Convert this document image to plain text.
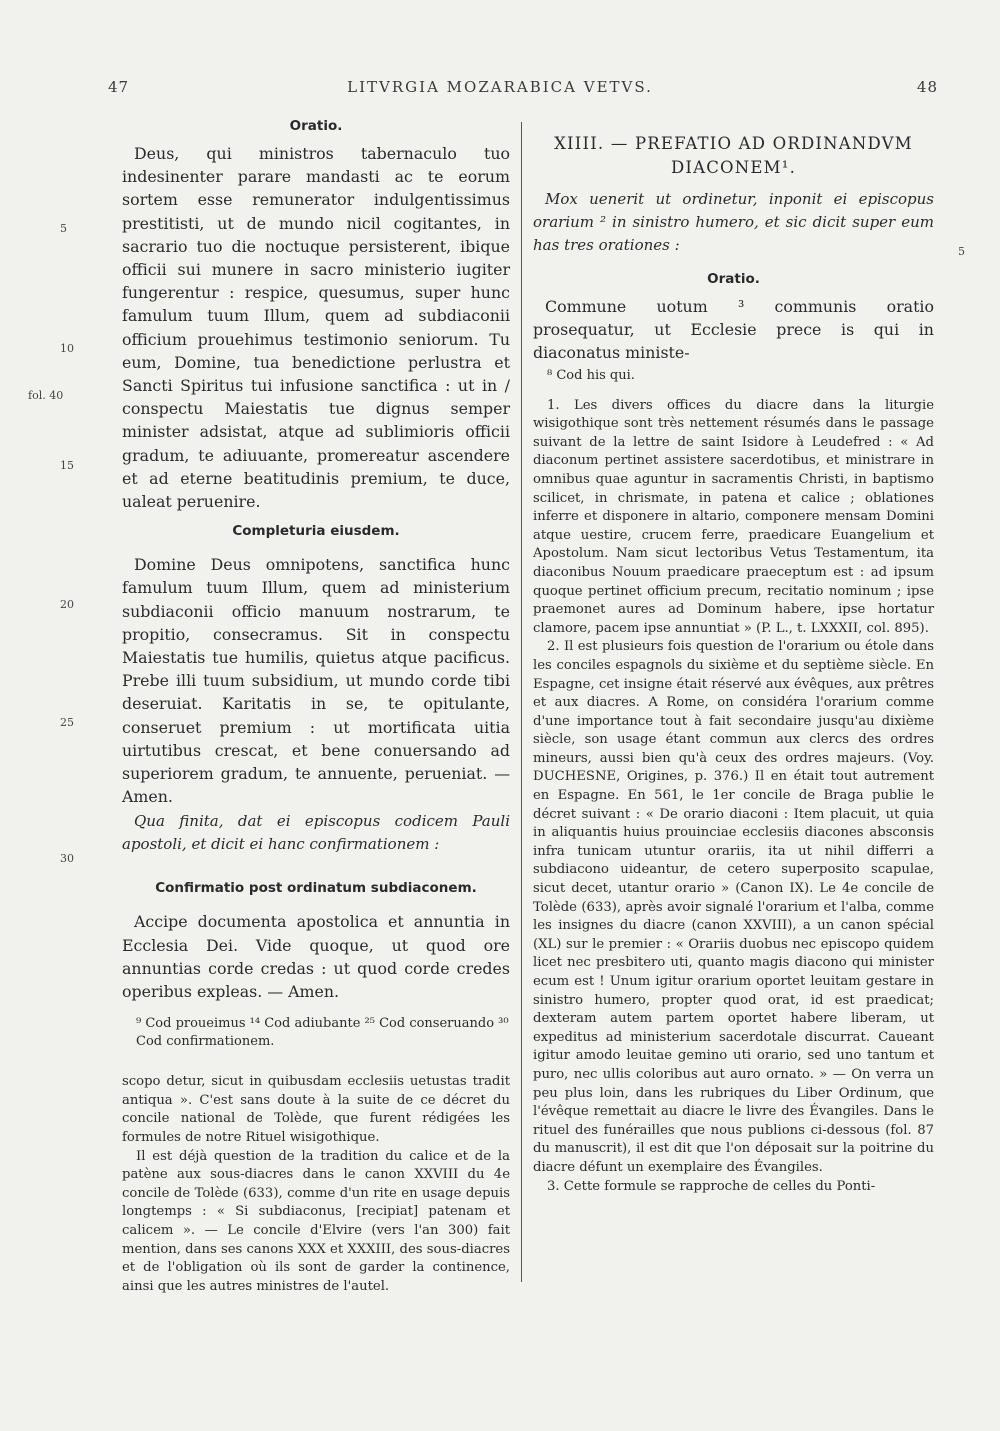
47	LITVRGIA MOZARABICA VETVS.	48
5
10
fol. 40
15
20
25
30
5

Oratio.

Deus, qui ministros tabernaculo tuo indesinenter parare mandasti ac te eorum sortem esse remunerator indulgentissimus prestitisti, ut de mundo nicil cogitantes, in sacrario tuo die noctuque persisterent, ibique officii sui munere in sacro ministerio iugiter fungerentur : respice, quesumus, super hunc famulum tuum Illum, quem ad subdiaconii officium prouehimus testimonio seniorum. Tu eum, Domine, tua benedictione perlustra et Sancti Spiritus tui infusione sanctifica : ut in / conspectu Maiestatis tue dignus semper minister adsistat, atque ad sublimioris officii gradum, te adiuuante, promereatur ascendere et ad eterne beatitudinis premium, te duce, ualeat peruenire.

Completuria eiusdem.

Domine Deus omnipotens, sanctifica hunc famulum tuum Illum, quem ad ministerium subdiaconii officio manuum nostrarum, te propitio, consecramus. Sit in conspectu Maiestatis tue humilis, quietus atque pacificus. Prebe illi tuum subsidium, ut mundo corde tibi deseruiat. Karitatis in se, te opitulante, conseruet premium : ut mortificata uitia uirtutibus crescat, et bene conuersando ad superiorem gradum, te annuente, perueniat. — Amen.

Qua finita, dat ei episcopus codicem Pauli apostoli, et dicit ei hanc confirmationem :

Confirmatio post ordinatum subdiaconem.

Accipe documenta apostolica et annuntia in Ecclesia Dei. Vide quoque, ut quod ore annuntias corde credas : ut quod corde credes operibus expleas. — Amen.

⁹ Cod proueimus ¹⁴ Cod adiubante ²⁵ Cod conseruando ³⁰ Cod confirmationem.

scopo detur, sicut in quibusdam ecclesiis uetustas tradit antiqua ». C'est sans doute à la suite de ce décret du concile national de Tolède, que furent rédigées les formules de notre Rituel wisigothique.

Il est déjà question de la tradition du calice et de la patène aux sous-diacres dans le canon XXVIII du 4e concile de Tolède (633), comme d'un rite en usage depuis longtemps : « Si subdiaconus, [recipiat] patenam et calicem ». — Le concile d'Elvire (vers l'an 300) fait mention, dans ses canons XXX et XXXIII, des sous-diacres et de l'obligation où ils sont de garder la continence, ainsi que les autres ministres de l'autel.

XIIII. — PREFATIO AD ORDINANDVM DIACONEM¹.

Mox uenerit ut ordinetur, inponit ei episcopus orarium ² in sinistro humero, et sic dicit super eum has tres orationes :

Oratio.

Commune uotum ³ communis oratio prosequatur, ut Ecclesie prece is qui in diaconatus ministe-

⁸ Cod his qui.

1. Les divers offices du diacre dans la liturgie wisigothique sont très nettement résumés dans le passage suivant de la lettre de saint Isidore à Leudefred : « Ad diaconum pertinet assistere sacerdotibus, et ministrare in omnibus quae aguntur in sacramentis Christi, in baptismo scilicet, in chrismate, in patena et calice ; oblationes inferre et disponere in altario, componere mensam Domini atque uestire, crucem ferre, praedicare Euangelium et Apostolum. Nam sicut lectoribus Vetus Testamentum, ita diaconibus Nouum praedicare praeceptum est : ad ipsum quoque pertinet officium precum, recitatio nominum ; ipse praemonet aures ad Dominum habere, ipse hortatur clamore, pacem ipse annuntiat » (P. L., t. LXXXII, col. 895).

2. Il est plusieurs fois question de l'orarium ou étole dans les conciles espagnols du sixième et du septième siècle. En Espagne, cet insigne était réservé aux évêques, aux prêtres et aux diacres. A Rome, on considéra l'orarium comme d'une importance tout à fait secondaire jusqu'au dixième siècle, son usage étant commun aux clercs des ordres mineurs, aussi bien qu'à ceux des ordres majeurs. (Voy. DUCHESNE, Origines, p. 376.) Il en était tout autrement en Espagne. En 561, le 1er concile de Braga publie le décret suivant : « De orario diaconi : Item placuit, ut quia in aliquantis huius prouinciae ecclesiis diacones absconsis infra tunicam utuntur orariis, ita ut nihil differri a subdiacono uideantur, de cetero superposito scapulae, sicut decet, utantur orario » (Canon IX). Le 4e concile de Tolède (633), après avoir signalé l'orarium et l'alba, comme les insignes du diacre (canon XXVIII), a un canon spécial (XL) sur le premier : « Orariis duobus nec episcopo quidem licet nec presbitero uti, quanto magis diacono qui minister ecum est ! Unum igitur orarium oportet leuitam gestare in sinistro humero, propter quod orat, id est praedicat; dexteram autem partem oportet habere liberam, ut expeditus ad ministerium sacerdotale discurrat. Caueant igitur amodo leuitae gemino uti orario, sed uno tantum et puro, nec ullis coloribus aut auro ornato. » — On verra un peu plus loin, dans les rubriques du Liber Ordinum, que l'évêque remettait au diacre le livre des Évangiles. Dans le rituel des funérailles que nous publions ci-dessous (fol. 87 du manuscrit), il est dit que l'on déposait sur la poitrine du diacre défunt un exemplaire des Évangiles.

3. Cette formule se rapproche de celles du Ponti-
